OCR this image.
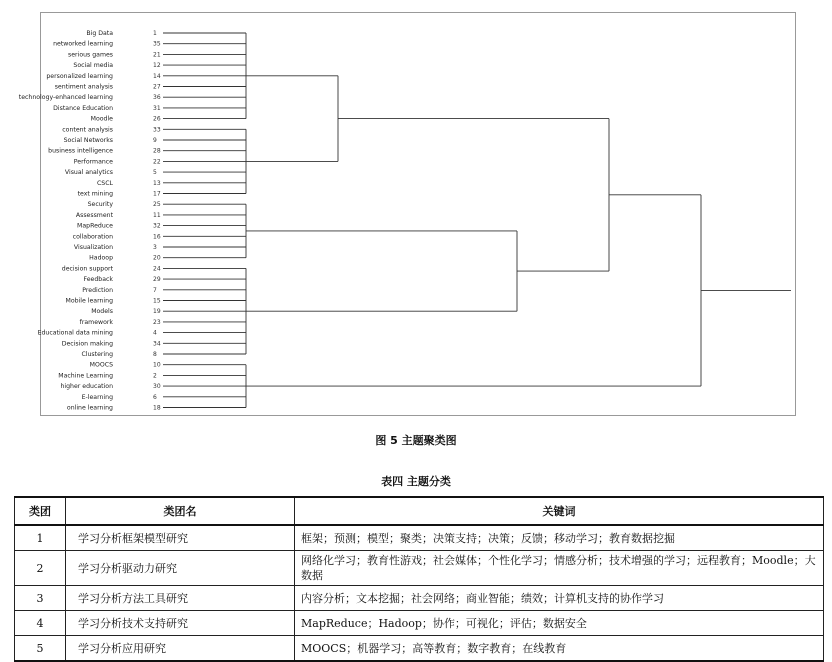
Big Data	1
networked learning	35
serious games	21
Social media	12
personalized learning	14
sentiment analysis	27
technology-enhanced learning	36
Distance Education	31
Moodle	26
content analysis	33
Social Networks	9
business intelligence	28
Performance	22
Visual analytics	5
CSCL	13
text mining	17
Security	25
Assessment	11
MapReduce	32
collaboration	16
Visualization	3
Hadoop	20
decision support	24
Feedback	29
Prediction	7
Mobile learning	15
Models	19
framework	23
Educational data mining	4
Decision making	34
Clustering	8
MOOCS	10
Machine Learning	2
higher education	30
E-learning	6
online learning	18
图 5 主题聚类图
表四 主题分类
类团	类团名	关键词
1	学习分析框架模型研究	框架；预测；模型；聚类；决策支持；决策；反馈；移动学习；教育数据挖掘
2	学习分析驱动力研究	网络化学习；教育性游戏；社会媒体；个性化学习；情感分析；技术增强的学习；远程教育；Moodle；大数据
3	学习分析方法工具研究	内容分析；文本挖掘；社会网络；商业智能；绩效；计算机支持的协作学习
4	学习分析技术支持研究	MapReduce；Hadoop；协作；可视化；评估；数据安全
5	学习分析应用研究	MOOCS；机器学习；高等教育；数字教育；在线教育
